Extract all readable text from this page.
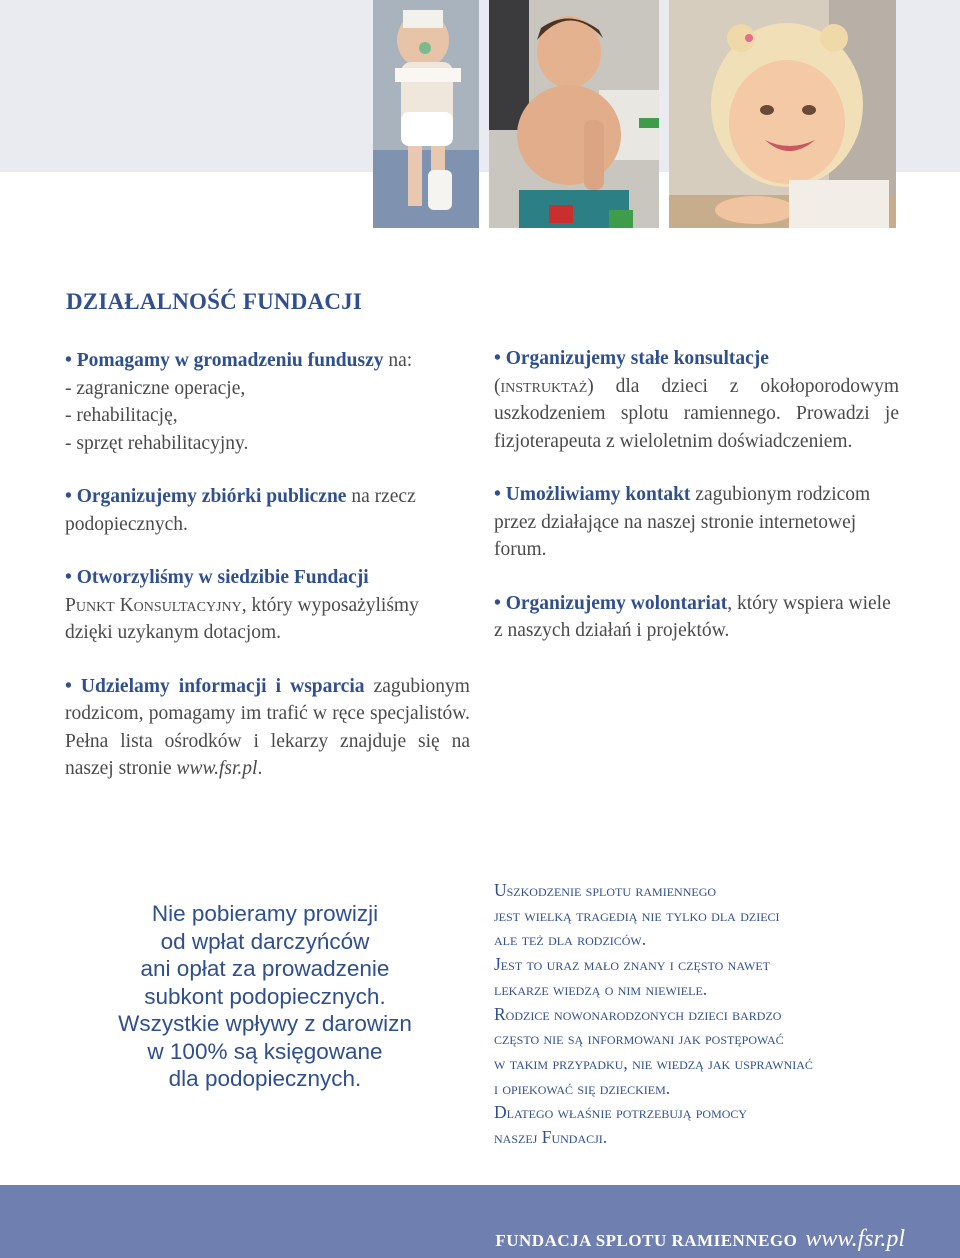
DZIAŁALNOŚĆ FUNDACJI
• Pomagamy w gromadzeniu funduszy na:
- zagraniczne operacje,
- rehabilitację,
- sprzęt rehabilitacyjny.
• Organizujemy zbiórki publiczne na rzecz podopiecznych.
• Otworzyliśmy w siedzibie Fundacji
Punkt Konsultacyjny, który wyposażyliśmy dzięki uzykanym dotacjom.
• Udzielamy informacji i wsparcia zagubionym rodzicom, pomagamy im trafić w ręce specjalistów. Pełna lista ośrodków i lekarzy znajduje się na naszej stronie www.fsr.pl.
• Organizujemy stałe konsultacje
(instruktaż) dla dzieci z okołoporodowym uszkodzeniem splotu ramiennego. Prowadzi je fizjoterapeuta z wieloletnim doświadczeniem.
• Umożliwiamy kontakt zagubionym rodzicom przez działające na naszej stronie internetowej forum.
• Organizujemy wolontariat, który wspiera wiele z naszych działań i projektów.
Nie pobieramy prowizji
od wpłat darczyńców
ani opłat za prowadzenie
subkont podopiecznych.
Wszystkie wpływy z darowizn
w 100% są księgowane
dla podopiecznych.
Uszkodzenie splotu ramiennego
jest wielką tragedią nie tylko dla dzieci
ale też dla rodziców.
Jest to uraz mało znany i często nawet
lekarze wiedzą o nim niewiele.
Rodzice nowonarodzonych dzieci bardzo
często nie są informowani jak postępować
w takim przypadku, nie wiedzą jak usprawniać
i opiekować się dzieckiem.
Dlatego właśnie potrzebują pomocy
naszej Fundacji.
FUNDACJA SPLOTU RAMIENNEGO www.fsr.pl
